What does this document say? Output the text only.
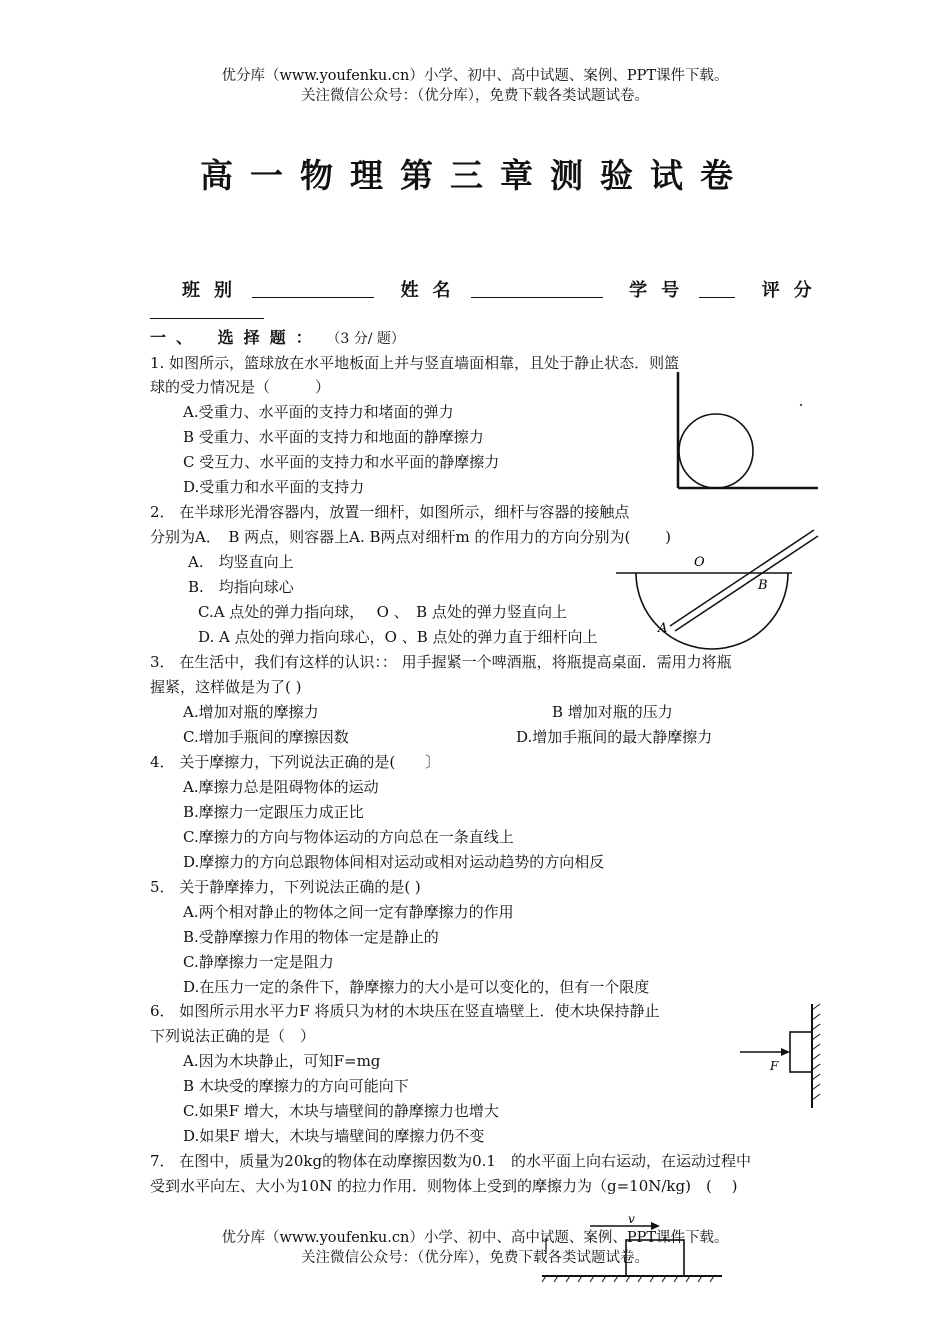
优分库（www.youfenku.cn）小学、初中、高中试题、案例、PPT课件下载。
关注微信公众号：（优分库），免费下载各类试题试卷。
高一物理第三章测验试卷
班别	姓名	学号	评分
一、 选择题： （3 分/ 题）
1. 如图所示，篮球放在水平地板面上并与竖直墙面相靠，且处于静止状态．则篮
球的受力情况是（　　　）
A.受重力、水平面的支持力和堵面的弹力
B 受重力、水平面的支持力和地面的静摩擦力
C 受互力、水平面的支持力和水平面的静摩擦力
D.受重力和水平面的支持力
2． 在半球形光滑容器内，放置一细杆，如图所示，细杆与容器的接触点
分别为A．　B 两点，则容器上A. B两点对细杆m 的作用力的方向分别为(　　 )
A.　均竖直向上
B.　均指向球心
C.A 点处的弹力指向球，　 O 、　B 点处的弹力竖直向上
D. A 点处的弹力指向球心，O 、B 点处的弹力直于细杆向上
O
B
A
3． 在生活中，我们有这样的认识：： 用手握紧一个啤酒瓶，将瓶提高桌面．需用力将瓶
握紧，这样做是为了( )
A.增加对瓶的摩擦力	B 增加对瓶的压力
C.增加手瓶间的摩擦因数	D.增加手瓶间的最大静摩擦力
4． 关于摩擦力，下列说法正确的是(　　〕
A.摩擦力总是阻碍物体的运动
B.摩擦力一定跟压力成正比
C.摩擦力的方向与物体运动的方向总在一条直线上
D.摩擦力的方向总跟物体间相对运动或相对运动趋势的方向相反
5． 关于静摩捧力，下列说法正确的是( )
A.两个相对静止的物体之间一定有静摩擦力的作用
B.受静摩擦力作用的物体一定是静止的
C.静摩擦力一定是阻力
D.在压力一定的条件下，静摩擦力的大小是可以变化的，但有一个限度
6． 如图所示用水平力F 将质只为材的木块压在竖直墙壁上．使木块保持静止
下列说法正确的是（　）
A.因为木块静止，可知F=mg
B 木块受的摩擦力的方向可能向下
C.如果F 增大，木块与墙壁间的静摩擦力也增大
D.如果F 增大，木块与墙壁间的摩擦力仍不变
F
7． 在图中，质量为20kg的物体在动摩擦因数为0.1　的水平面上向右运动，在运动过程中
受到水平向左、大小为10N 的拉力作用．则物体上受到的摩擦力为（g=10N/kg)　(　 )
v
优分库（www.youfenku.cn）小学、初中、高中试题、案例、PPT课件下载。
关注微信公众号：（优分库），免费下载各类试题试卷。
